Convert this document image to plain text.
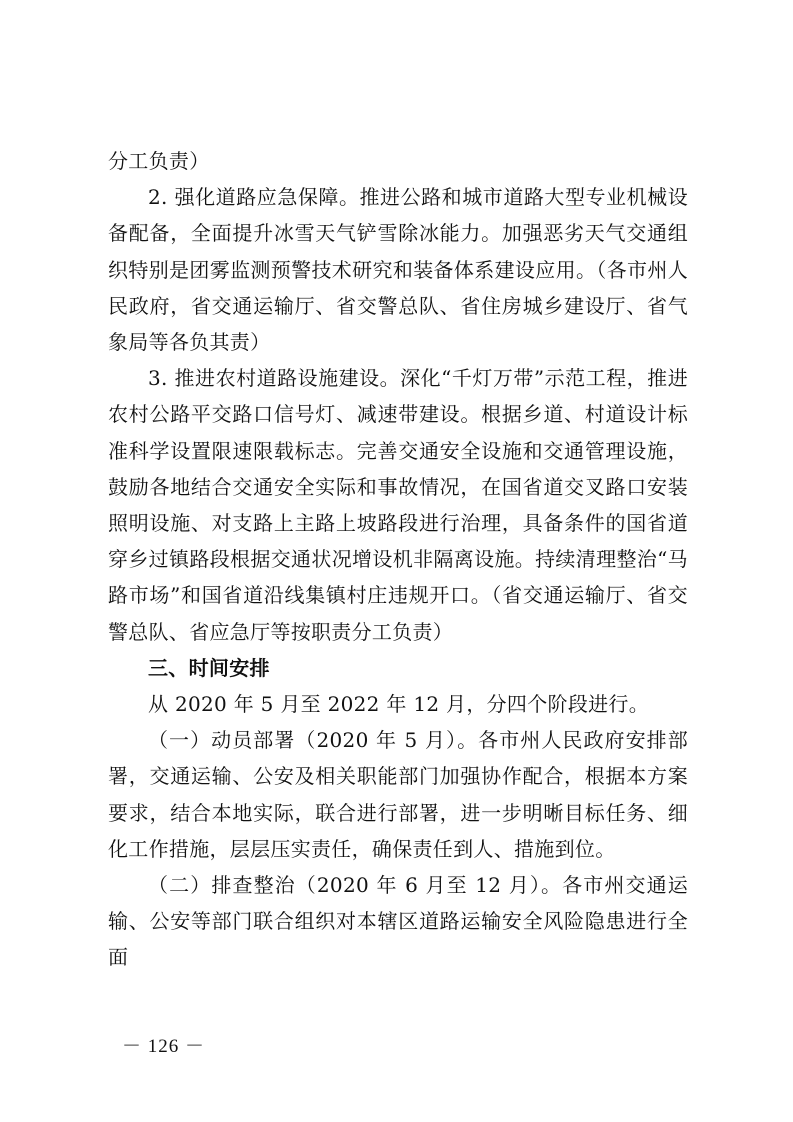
分工负责）

2. 强化道路应急保障。推进公路和城市道路大型专业机械设备配备，全面提升冰雪天气铲雪除冰能力。加强恶劣天气交通组织特别是团雾监测预警技术研究和装备体系建设应用。（各市州人民政府，省交通运输厅、省交警总队、省住房城乡建设厅、省气象局等各负其责）

3. 推进农村道路设施建设。深化“千灯万带”示范工程，推进农村公路平交路口信号灯、减速带建设。根据乡道、村道设计标准科学设置限速限载标志。完善交通安全设施和交通管理设施，鼓励各地结合交通安全实际和事故情况，在国省道交叉路口安装照明设施、对支路上主路上坡路段进行治理，具备条件的国省道穿乡过镇路段根据交通状况增设机非隔离设施。持续清理整治“马路市场”和国省道沿线集镇村庄违规开口。（省交通运输厅、省交警总队、省应急厅等按职责分工负责）

三、时间安排

从 2020 年 5 月至 2022 年 12 月，分四个阶段进行。

（一）动员部署（2020 年 5 月）。各市州人民政府安排部署，交通运输、公安及相关职能部门加强协作配合，根据本方案要求，结合本地实际，联合进行部署，进一步明晰目标任务、细化工作措施，层层压实责任，确保责任到人、措施到位。

（二）排查整治（2020 年 6 月至 12 月）。各市州交通运输、公安等部门联合组织对本辖区道路运输安全风险隐患进行全面

－ 126 －
